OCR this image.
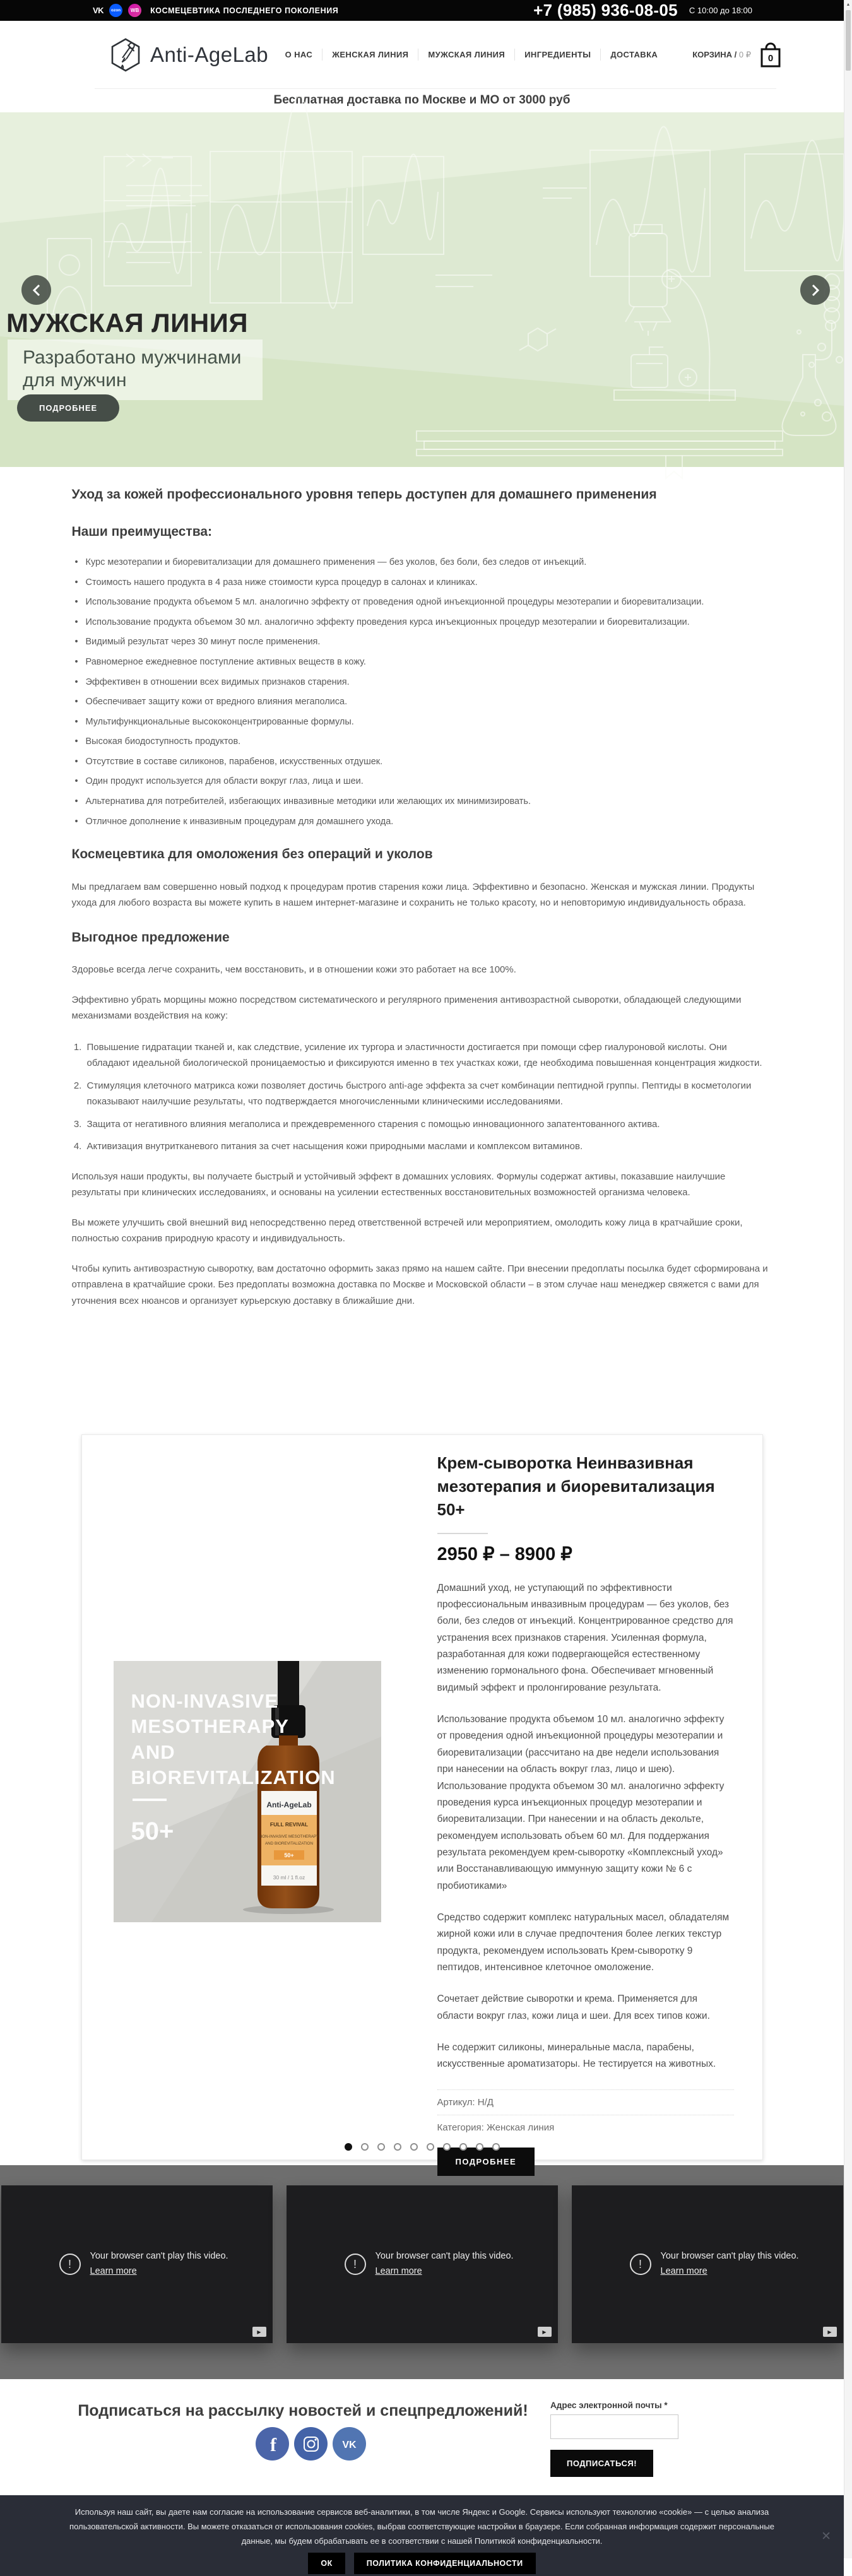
VK	ozon	WB	КОСМЕЦЕВТИКА ПОСЛЕДНЕГО ПОКОЛЕНИЯ	+7 (985) 936-08-05 С 10:00 до 18:00
Anti-AgeLab	О НАС	ЖЕНСКАЯ ЛИНИЯ	МУЖСКАЯ ЛИНИЯ	ИНГРЕДИЕНТЫ	ДОСТАВКА	КОРЗИНА / 0 ₽ 0
Бесплатная доставка по Москве и МО от 3000 руб
МУЖСКАЯ ЛИНИЯ
Разработано мужчинами для мужчин
ПОДРОБНЕЕ
Уход за кожей профессионального уровня теперь доступен для домашнего применения
Наши преимущества:
• Курс мезотерапии и биоревитализации для домашнего применения — без уколов, без боли, без следов от инъекций.
• Стоимость нашего продукта в 4 раза ниже стоимости курса процедур в салонах и клиниках.
• Использование продукта объемом 5 мл. аналогично эффекту от проведения одной инъекционной процедуры мезотерапии и биоревитализации.
• Использование продукта объемом 30 мл. аналогично эффекту проведения курса инъекционных процедур мезотерапии и биоревитализации.
• Видимый результат через 30 минут после применения.
• Равномерное ежедневное поступление активных веществ в кожу.
• Эффективен в отношении всех видимых признаков старения.
• Обеспечивает защиту кожи от вредного влияния мегаполиса.
• Мультифункциональные высококонцентрированные формулы.
• Высокая биодоступность продуктов.
• Отсутствие в составе силиконов, парабенов, искусственных отдушек.
• Один продукт используется для области вокруг глаз, лица и шеи.
• Альтернатива для потребителей, избегающих инвазивные методики или желающих их минимизировать.
• Отличное дополнение к инвазивным процедурам для домашнего ухода.
Космецевтика для омоложения без операций и уколов

Мы предлагаем вам совершенно новый подход к процедурам против старения кожи лица. Эффективно и безопасно. Женская и мужская линии. Продукты ухода для любого возраста вы можете купить в нашем интернет-магазине и сохранить не только красоту, но и неповторимую индивидуальность образа.

Выгодное предложение

Здоровье всегда легче сохранить, чем восстановить, и в отношении кожи это работает на все 100%.

Эффективно убрать морщины можно посредством систематического и регулярного применения антивозрастной сыворотки, обладающей следующими механизмами воздействия на кожу:

1. Повышение гидратации тканей и, как следствие, усиление их тургора и эластичности достигается при помощи сфер гиалуроновой кислоты. Они обладают идеальной биологической проницаемостью и фиксируются именно в тех участках кожи, где необходима повышенная концентрация жидкости.
2. Стимуляция клеточного матрикса кожи позволяет достичь быстрого anti-age эффекта за счет комбинации пептидной группы. Пептиды в косметологии показывают наилучшие результаты, что подтверждается многочисленными клиническими исследованиями.
3. Защита от негативного влияния мегаполиса и преждевременного старения с помощью инновационного запатентованного актива.
4. Активизация внутритканевого питания за счет насыщения кожи природными маслами и комплексом витаминов.

Используя наши продукты, вы получаете быстрый и устойчивый эффект в домашних условиях. Формулы содержат активы, показавшие наилучшие результаты при клинических исследованиях, и основаны на усилении естественных восстановительных возможностей организма человека.

Вы можете улучшить свой внешний вид непосредственно перед ответственной встречей или мероприятием, омолодить кожу лица в кратчайшие сроки, полностью сохранив природную красоту и индивидуальность.

Чтобы купить антивозрастную сыворотку, вам достаточно оформить заказ прямо на нашем сайте. При внесении предоплаты посылка будет сформирована и отправлена в кратчайшие сроки. Без предоплаты возможна доставка по Москве и Московской области – в этом случае наш менеджер свяжется с вами для уточнения всех нюансов и организует курьерскую доставку в ближайшие дни.

Anti-AgeLab
FULL REVIVAL
NON-INVASIVE MESOTHERAPY
AND BIOREVITALIZATION
50+
30 ml / 1 fl.oz
NON-INVASIVE
MESOTHERAPY
AND
BIOREVITALIZATION
50+
Крем-сыворотка Неинвазивная мезотерапия и биоревитализация 50+
2950 ₽ – 8900 ₽

Домашний уход, не уступающий по эффективности профессиональным инвазивным процедурам — без уколов, без боли, без следов от инъекций. Концентрированное средство для устранения всех признаков старения. Усиленная формула, разработанная для кожи подвергающейся естественному изменению гормонального фона. Обеспечивает мгновенный видимый эффект и пролонгирование результата.

Использование продукта объемом 10 мл. аналогично эффекту от проведения одной инъекционной процедуры мезотерапии и биоревитализации (рассчитано на две недели использования при нанесении на область вокруг глаз, лицо и шею). Использование продукта объемом 30 мл. аналогично эффекту проведения курса инъекционных процедур мезотерапии и биоревитализации. При нанесении и на область декольте, рекомендуем использовать объем 60 мл. Для поддержания результата рекомендуем крем-сыворотку «Комплексный уход» или Восстанавливающую иммунную защиту кожи № 6 с пробиотиками»

Средство содержит комплекс натуральных масел, обладателям жирной кожи или в случае предпочтения более легких текстур продукта, рекомендуем использовать Крем-сыворотку 9 пептидов, интенсивное клеточное омоложение.

Сочетает действие сыворотки и крема. Применяется для области вокруг глаз, кожи лица и шеи. Для всех типов кожи.

Не содержит силиконы, минеральные масла, парабены, искусственные ароматизаторы. Не тестируется на животных.

Артикул: Н/Д
Категория: Женская линия
ПОДРОБНЕЕ
!
Your browser can't play this video.
Learn more
▶
!
Your browser can't play this video.
Learn more
▶
!
Your browser can't play this video.
Learn more
▶
Подписаться на рассылку новостей и спецпредложений!
f	VK
Адрес электронной почты *
ПОДПИСАТЬСЯ!
Используя наш сайт, вы даете нам согласие на использование сервисов веб-аналитики, в том числе Яндекс и Google. Сервисы используют технологию «cookie» — с целью анализа пользовательской активности. Вы можете отказаться от использования cookies, выбрав соответствующие настройки в браузере. Если собранная информация содержит персональные данные, мы будем обрабатывать ее в соответствии с нашей Политикой конфиденциальности.
ОК	ПОЛИТИКА КОНФИДЕНЦИАЛЬНОСТИ
✕
▲
